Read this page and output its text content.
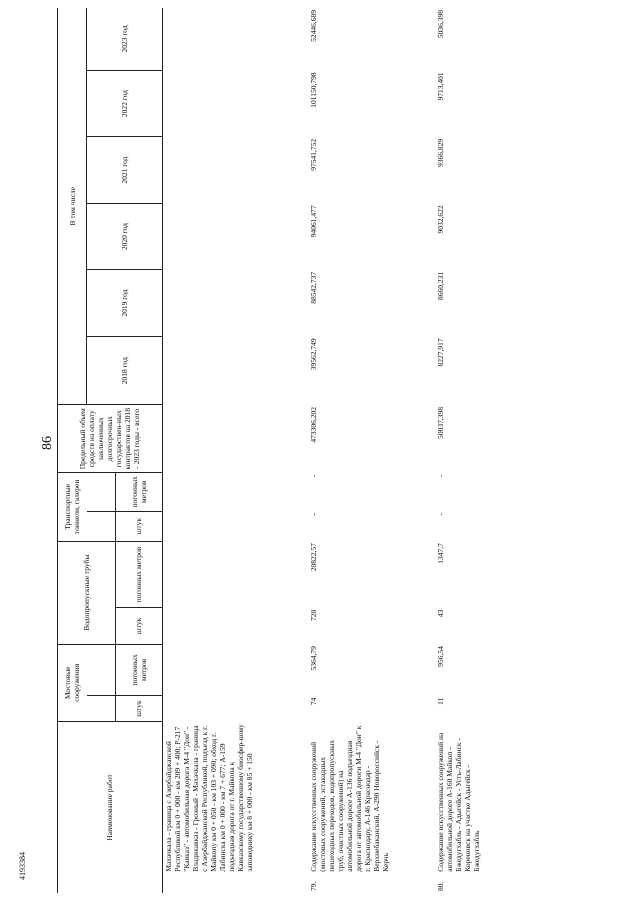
86
4193384
Наименование работ		Мостовые сооружения		Водопропускные трубы		Транспортные тоннели, галереи		Предельный объем средств на оплату заключенных долгосрочных государствен-ных контрактов на 2018 - 2023 годы - всего	В том числе					
									2018 год	2019 год	2020 год	2021 год	2022 год	2023 год
		штук	погонных метров	штук	погонных метров	штук	погонных метров							
	Махачкала - граница с Азербайджанской Республикой км 0 + 000 - км 209 + 400; Р-217 "Кавказ" - автомобильная дорога М-4 "Дон" - Владикавказ - Грозный - Махачкала - граница с Азербайджанской Республикой, подъезд к г. Майкопу км 0 + 050 - км 103 + 090; обход г. Лабинска км 0 + 000 - км 7 + 677; А-159 подъездная дорога от г. Майкопа к Кавказскому государственному биосфер-ному заповеднику км 8 + 000 - км 85 + 150													
79.	Содержание искусственных сооружений (мостовых сооружений, эстакадных пешеходных переходов, водопропускных труб, очистных сооружений) на автомобильной дороге А-136 подъездная дорога от автомобильной дороги М-4 "Дон" к г. Краснодару, А-146 Краснодар - Верхнебаканский, А-290 Новороссийск - Керчь	74	5364,79	728	20822,57	-	-	473306,202	39562,749	88542,737	94061,477	97541,752	101150,798	52446,689
80.	Содержание искусственных сооружений на автомобильной дороге А-160 Майкоп - Бжедугхабль - Адыгейск - Усть-Лабинск - Кореновск на участке Адыгейск - Бжедугхабль	11	956,54	43	1347,7	-	-	50037,398	8227,917	8660,231	9032,622	9366,829	9713,401	5036,398
